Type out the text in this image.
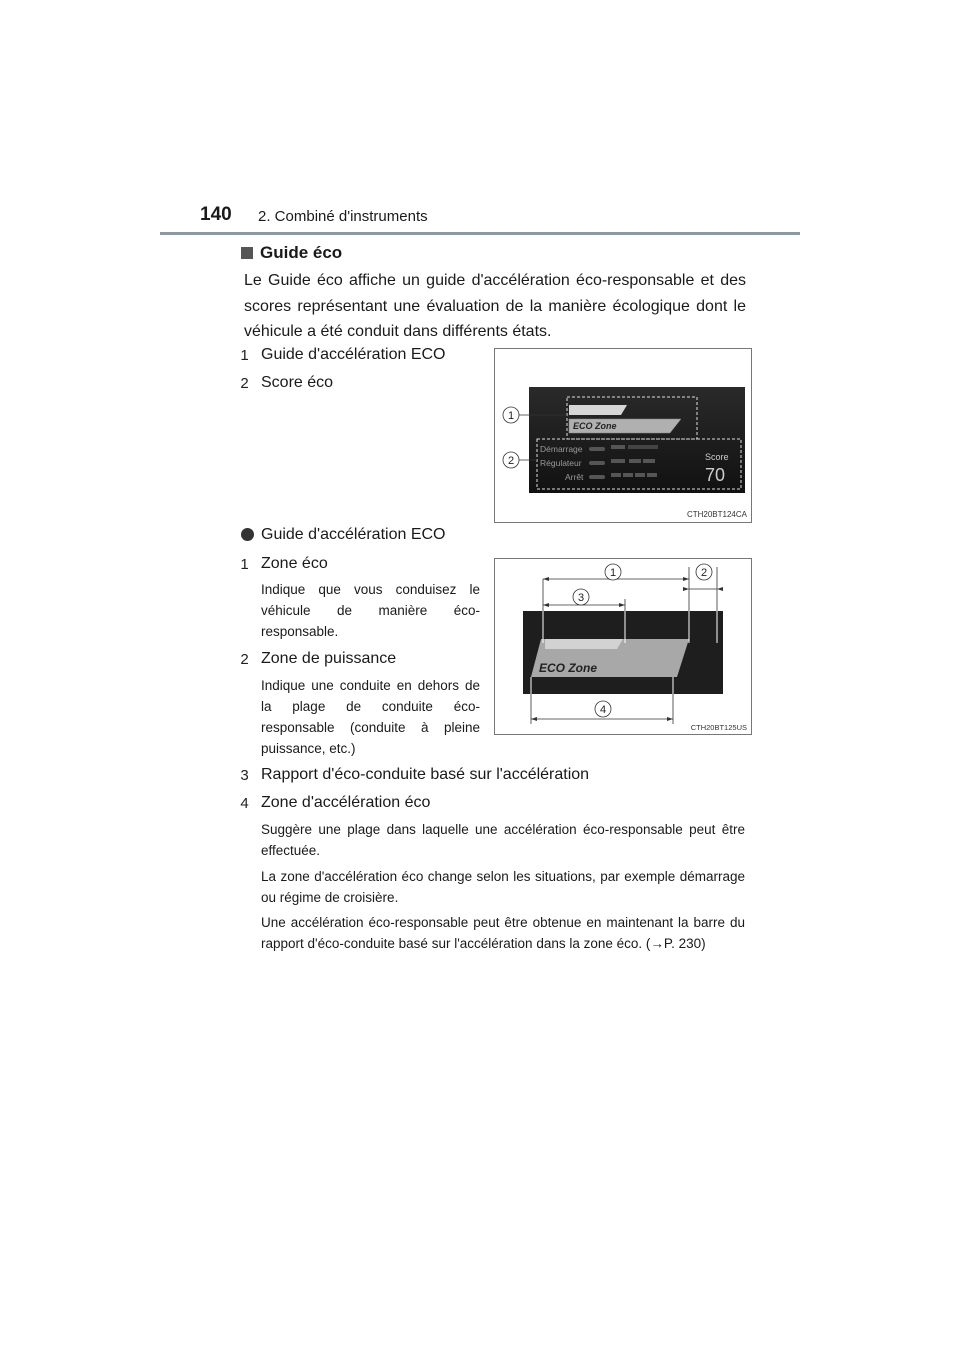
140 2. Combiné d'instruments
Guide éco
Le Guide éco affiche un guide d'accélération éco-responsable et des scores représentant une évaluation de la manière écologique dont le véhicule a été conduit dans différents états.
1 Guide d'accélération ECO
2 Score éco
ECO Zone
Démarrage
Régulateur
Arrêt
Score
70
1
2
CTH20BT124CA
Guide d'accélération ECO
1 Zone éco
Indique que vous conduisez le véhicule de manière éco-responsable.
2 Zone de puissance
Indique une conduite en dehors de la plage de conduite éco-responsable (conduite à pleine puissance, etc.)
ECO Zone
1	2
3
4
CTH20BT125US
3 Rapport d'éco-conduite basé sur l'accélération
4 Zone d'accélération éco
Suggère une plage dans laquelle une accélération éco-responsable peut être effectuée.
La zone d'accélération éco change selon les situations, par exemple démarrage ou régime de croisière.
Une accélération éco-responsable peut être obtenue en maintenant la barre du rapport d'éco-conduite basé sur l'accélération dans la zone éco. (→P. 230)
